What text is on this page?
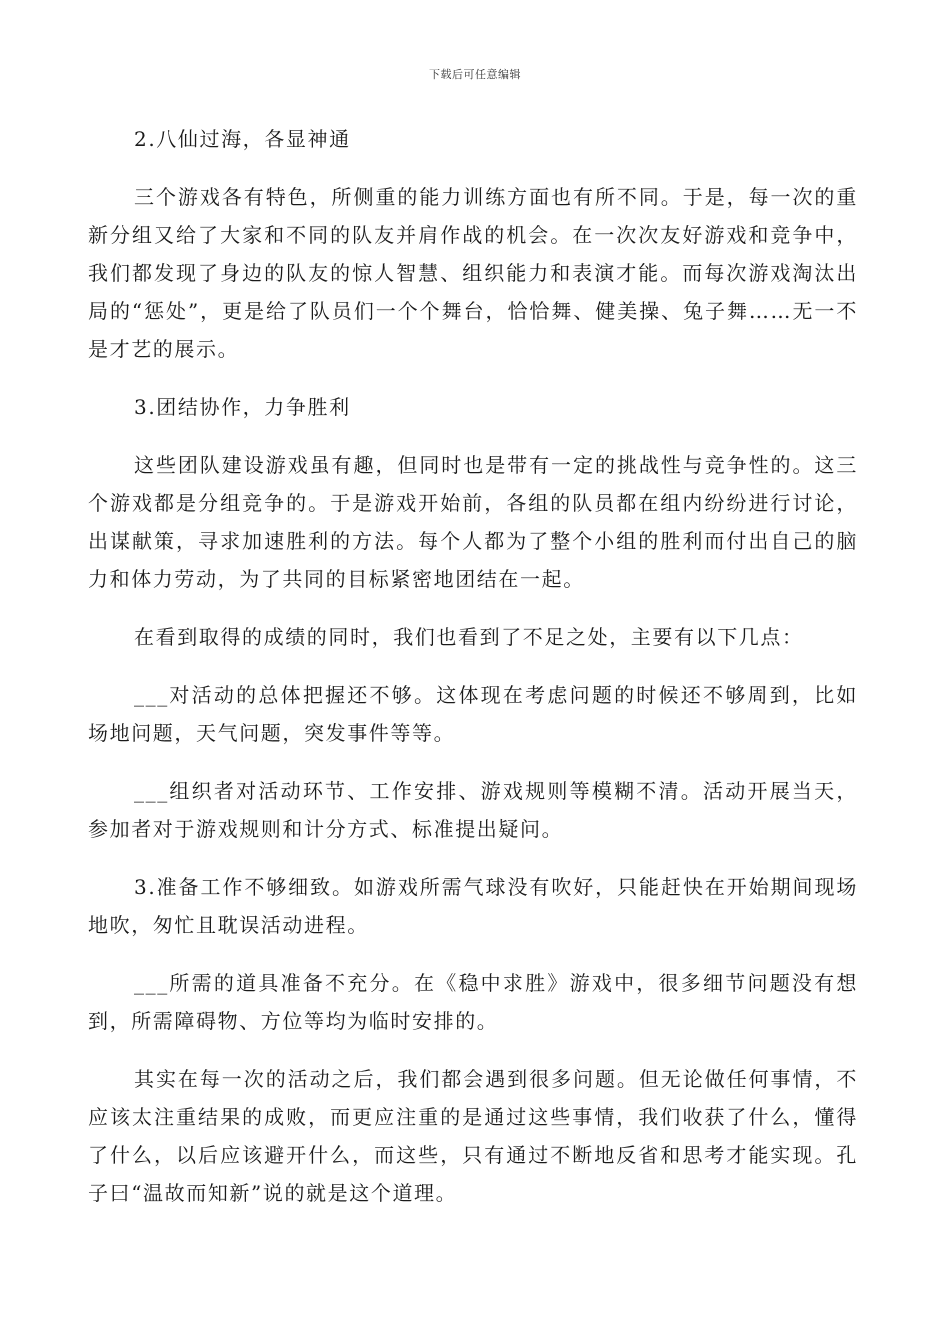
下载后可任意编辑

2.八仙过海，各显神通

三个游戏各有特色，所侧重的能力训练方面也有所不同。于是，每一次的重新分组又给了大家和不同的队友并肩作战的机会。在一次次友好游戏和竞争中，我们都发现了身边的队友的惊人智慧、组织能力和表演才能。而每次游戏淘汰出局的“惩处”，更是给了队员们一个个舞台，恰恰舞、健美操、兔子舞……无一不是才艺的展示。

3.团结协作，力争胜利

这些团队建设游戏虽有趣，但同时也是带有一定的挑战性与竞争性的。这三个游戏都是分组竞争的。于是游戏开始前，各组的队员都在组内纷纷进行讨论，出谋献策，寻求加速胜利的方法。每个人都为了整个小组的胜利而付出自己的脑力和体力劳动，为了共同的目标紧密地团结在一起。

在看到取得的成绩的同时，我们也看到了不足之处，主要有以下几点：

___对活动的总体把握还不够。这体现在考虑问题的时候还不够周到，比如场地问题，天气问题，突发事件等等。

___组织者对活动环节、工作安排、游戏规则等模糊不清。活动开展当天，参加者对于游戏规则和计分方式、标准提出疑问。

3.准备工作不够细致。如游戏所需气球没有吹好，只能赶快在开始期间现场地吹，匆忙且耽误活动进程。

___所需的道具准备不充分。在《稳中求胜》游戏中，很多细节问题没有想到，所需障碍物、方位等均为临时安排的。

其实在每一次的活动之后，我们都会遇到很多问题。但无论做任何事情，不应该太注重结果的成败，而更应注重的是通过这些事情，我们收获了什么，懂得了什么，以后应该避开什么，而这些，只有通过不断地反省和思考才能实现。孔子曰“温故而知新”说的就是这个道理。
